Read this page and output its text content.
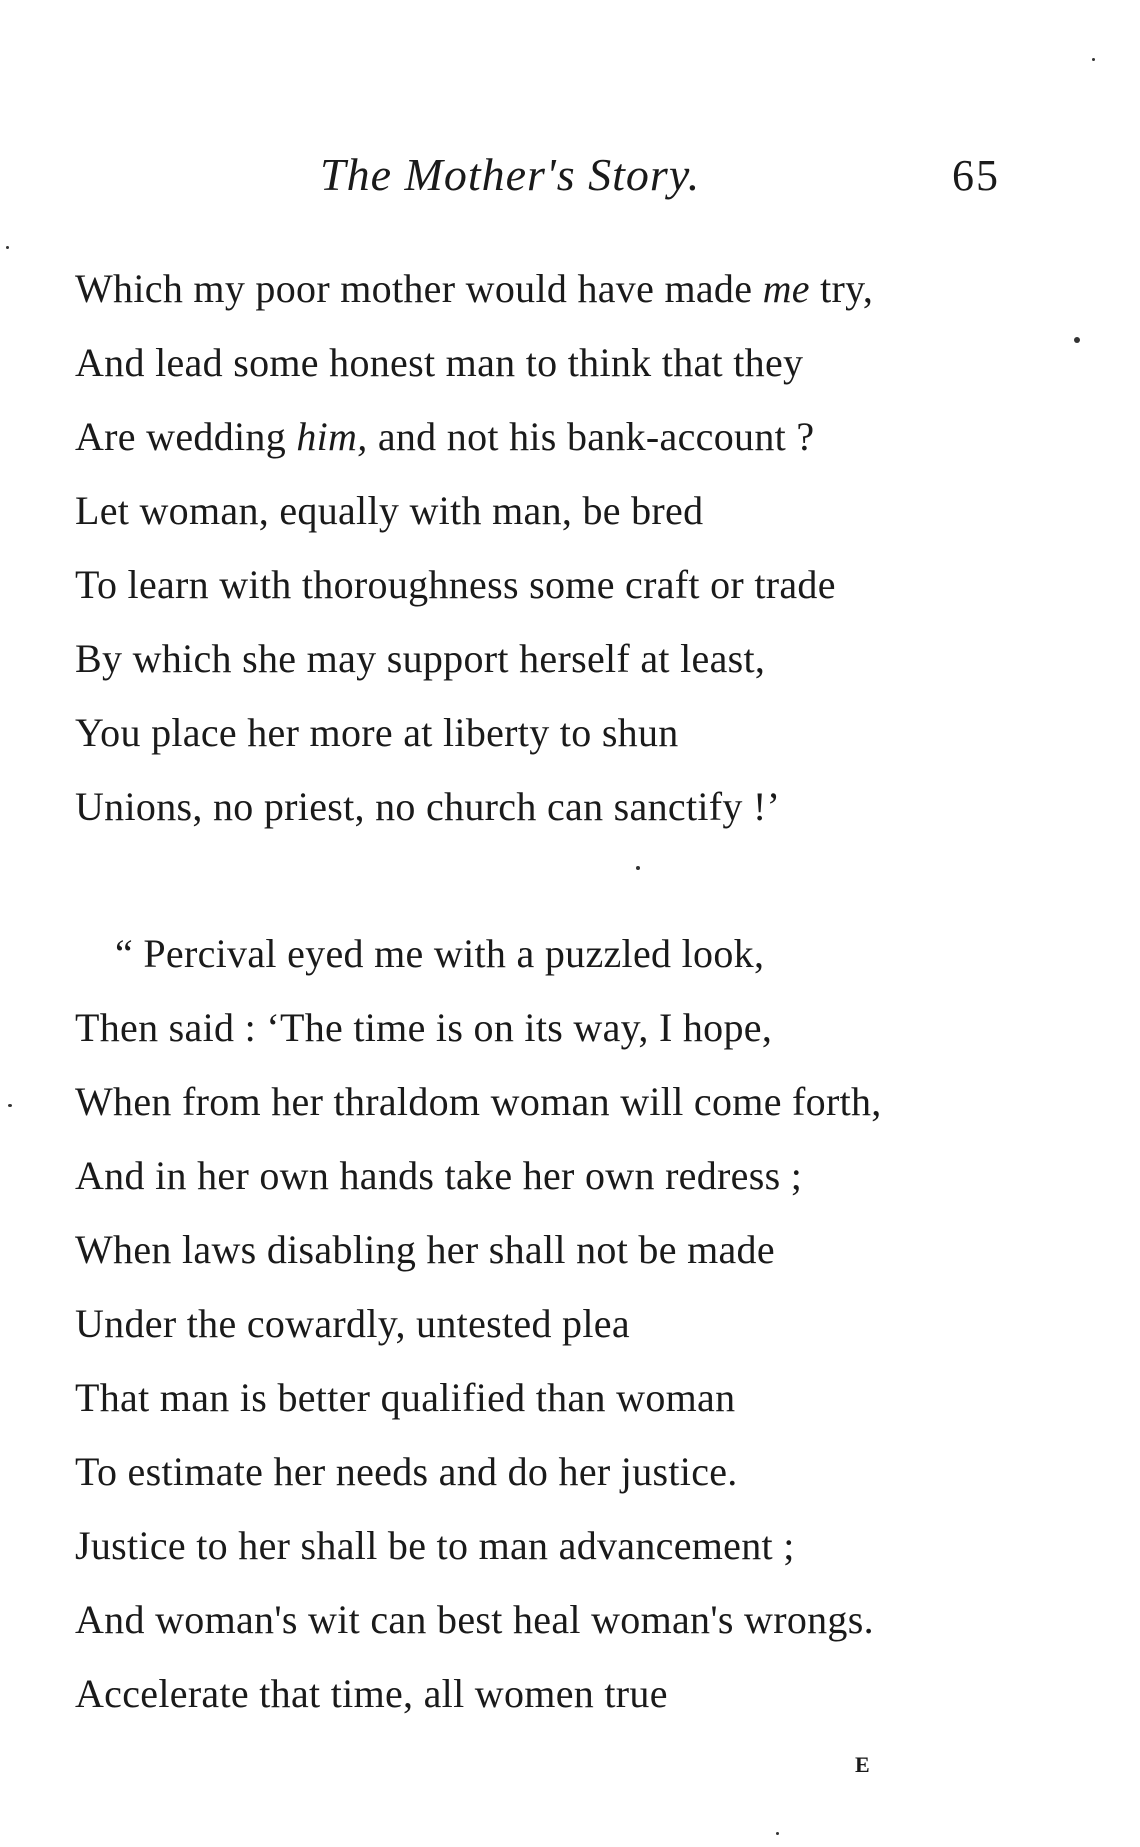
The Mother's Story.	65
Which my poor mother would have made me try,
And lead some honest man to think that they
Are wedding him, and not his bank-account ?
Let woman, equally with man, be bred
To learn with thoroughness some craft or trade
By which she may support herself at least,
You place her more at liberty to shun
Unions, no priest, no church can sanctify !’
“ Percival eyed me with a puzzled look,
Then said : ‘The time is on its way, I hope,
When from her thraldom woman will come forth,
And in her own hands take her own redress ;
When laws disabling her shall not be made
Under the cowardly, untested plea
That man is better qualified than woman
To estimate her needs and do her justice.
Justice to her shall be to man advancement ;
And woman's wit can best heal woman's wrongs.
Accelerate that time, all women true
E
